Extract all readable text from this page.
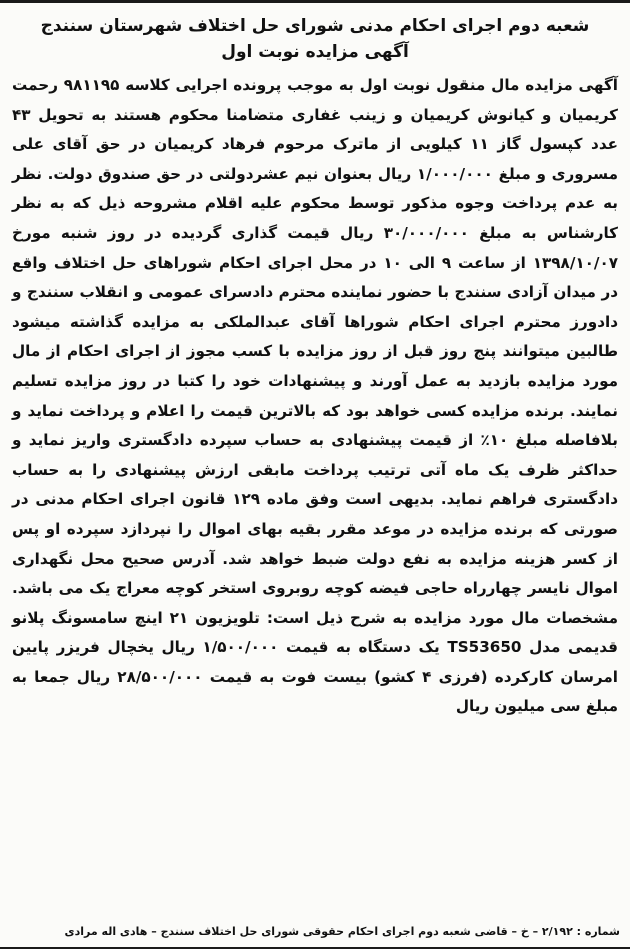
شعبه دوم اجرای احکام مدنی شورای حل اختلاف شهرستان سنندج
آگهی مزایده نوبت اول

آگهی مزایده مال منقول نوبت اول به موجب پرونده اجرایی کلاسه ۹۸۱۱۹۵ رحمت کریمیان و کیانوش کریمیان و زینب غفاری متضامنا محکوم هستند به تحویل ۴۳ عدد کپسول گاز ۱۱ کیلویی از ماترک مرحوم فرهاد کریمیان در حق آقای علی مسروری و مبلغ ۱/۰۰۰/۰۰۰ ریال بعنوان نیم عشردولتی در حق صندوق دولت. نظر به عدم پرداخت وجوه مذکور توسط محکوم علیه اقلام مشروحه ذیل که به نظر کارشناس به مبلغ ۳۰/۰۰۰/۰۰۰ ریال قیمت گذاری گردیده در روز شنبه مورخ ۱۳۹۸/۱۰/۰۷ از ساعت ۹ الی ۱۰ در محل اجرای احکام شوراهای حل اختلاف واقع در میدان آزادی سنندج با حضور نماینده محترم دادسرای عمومی و انقلاب سنندج و دادورز محترم اجرای احکام شوراها آقای عبدالملکی به مزایده گذاشته میشود طالبین میتوانند پنج روز قبل از روز مزایده با کسب مجوز از اجرای احکام از مال مورد مزایده بازدید به عمل آورند و پیشنهادات خود را کتبا در روز مزایده تسلیم نمایند. برنده مزایده کسی خواهد بود که بالاترین قیمت را اعلام و پرداخت نماید و بلافاصله مبلغ ۱۰٪ از قیمت پیشنهادی به حساب سپرده دادگستری واریز نماید و حداکثر ظرف یک ماه آتی ترتیب پرداخت مابقی ارزش پیشنهادی را به حساب دادگستری فراهم نماید. بدیهی است وفق ماده ۱۲۹ قانون اجرای احکام مدنی در صورتی که برنده مزایده در موعد مقرر بقیه بهای اموال را نپردازد سپرده او پس از کسر هزینه مزایده به نفع دولت ضبط خواهد شد. آدرس صحیح محل نگهداری اموال نایسر چهارراه حاجی فیضه کوچه روبروی استخر کوچه معراج یک می باشد. مشخصات مال مورد مزایده به شرح ذیل است: تلویزیون ۲۱ اینچ سامسونگ پلانو قدیمی مدل TS53650 یک دستگاه به قیمت ۱/۵۰۰/۰۰۰ ریال یخچال فریزر پایین امرسان کارکرده (فرزی ۴ کشو) بیست فوت به قیمت ۲۸/۵۰۰/۰۰۰ ریال جمعا به مبلغ سی میلیون ریال

شماره : ۲/۱۹۲ – خ – قاضی شعبه دوم اجرای احکام حقوقی شورای حل اختلاف سنندج – هادی اله مرادی
